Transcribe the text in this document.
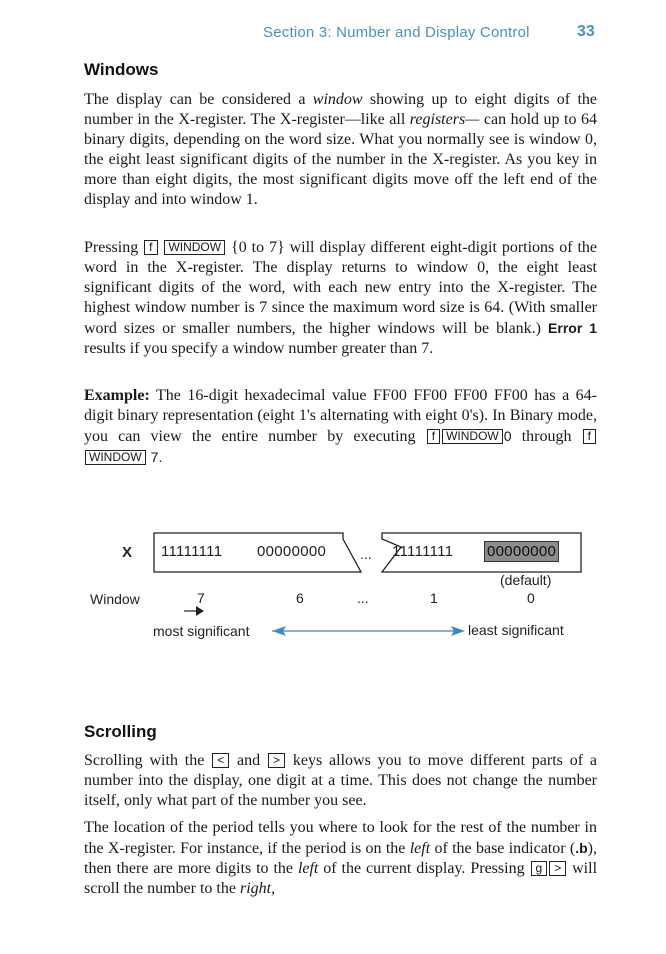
Section 3: Number and Display Control	33
Windows

The display can be considered a window showing up to eight digits of the number in the X-register. The X-register—like all registers— can hold up to 64 binary digits, depending on the word size. What you normally see is window 0, the eight least significant digits of the number in the X-register. As you key in more than eight digits, the most significant digits move off the left end of the display and into window 1.

Pressing f WINDOW {0 to 7} will display different eight-digit portions of the word in the X-register. The display returns to window 0, the eight least significant digits of the word, with each new entry into the X-register. The highest window number is 7 since the maximum word size is 64. (With smaller word sizes or smaller numbers, the higher windows will be blank.) Error 1 results if you specify a window number greater than 7.

Example: The 16-digit hexadecimal value FF00 FF00 FF00 FF00 has a 64-digit binary representation (eight 1's alternating with eight 0's). In Binary mode, you can view the entire number by executing f WINDOW 0 through fWINDOW 7.

X 11111111 00000000 ... 11111111 00000000
(default)
Window	7	6	...	1	0
most significant	least significant
Scrolling

Scrolling with the < and > keys allows you to move different parts of a number into the display, one digit at a time. This does not change the number itself, only what part of the number you see.

The location of the period tells you where to look for the rest of the number in the X-register. For instance, if the period is on the left of the base indicator (.b), then there are more digits to the left of the current display. Pressing g > will scroll the number to the right,
